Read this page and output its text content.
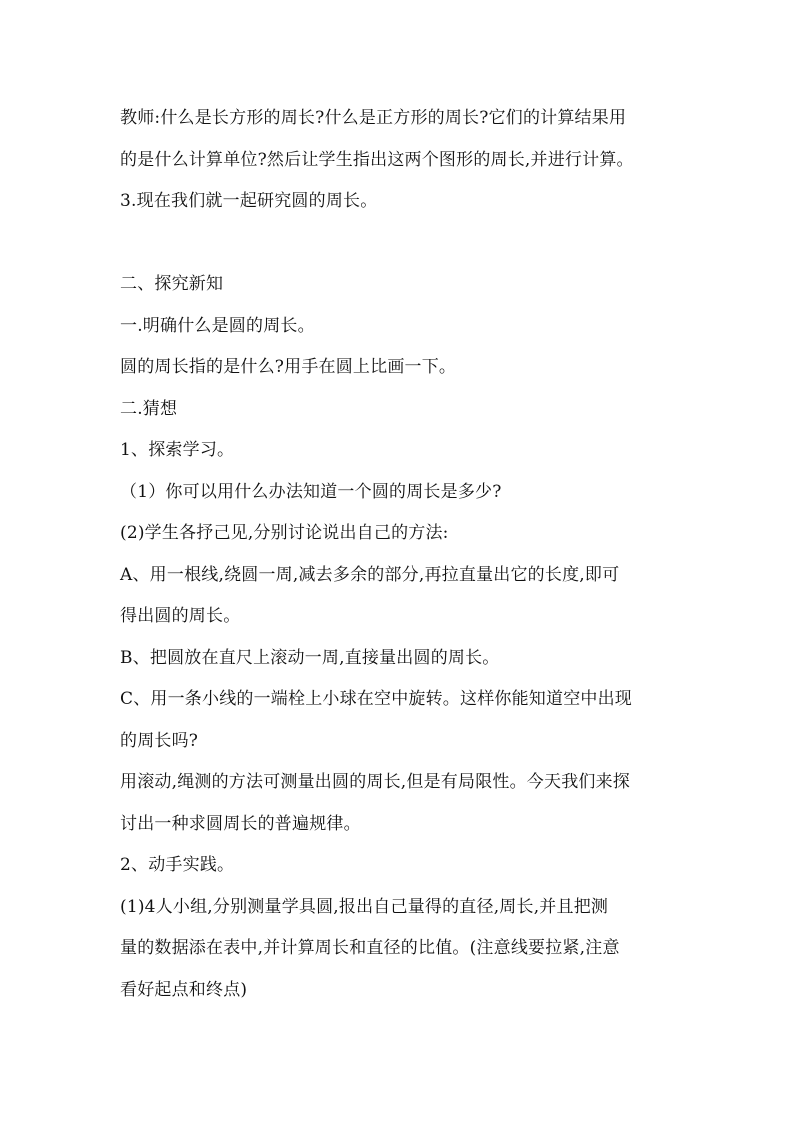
教师:什么是长方形的周长?什么是正方形的周长?它们的计算结果用
的是什么计算单位?然后让学生指出这两个图形的周长,并进行计算。
3.现在我们就一起研究圆的周长。
二、探究新知
一.明确什么是圆的周长。
圆的周长指的是什么?用手在圆上比画一下。
二.猜想
1、探索学习。
（1）你可以用什么办法知道一个圆的周长是多少?
(2)学生各抒己见,分别讨论说出自己的方法:
A、用一根线,绕圆一周,减去多余的部分,再拉直量出它的长度,即可
得出圆的周长。
B、把圆放在直尺上滚动一周,直接量出圆的周长。
C、用一条小线的一端栓上小球在空中旋转。这样你能知道空中出现
的周长吗?
用滚动,绳测的方法可测量出圆的周长,但是有局限性。今天我们来探
讨出一种求圆周长的普遍规律。
2、动手实践。
(1)4人小组,分别测量学具圆,报出自己量得的直径,周长,并且把测
量的数据添在表中,并计算周长和直径的比值。(注意线要拉紧,注意
看好起点和终点)
